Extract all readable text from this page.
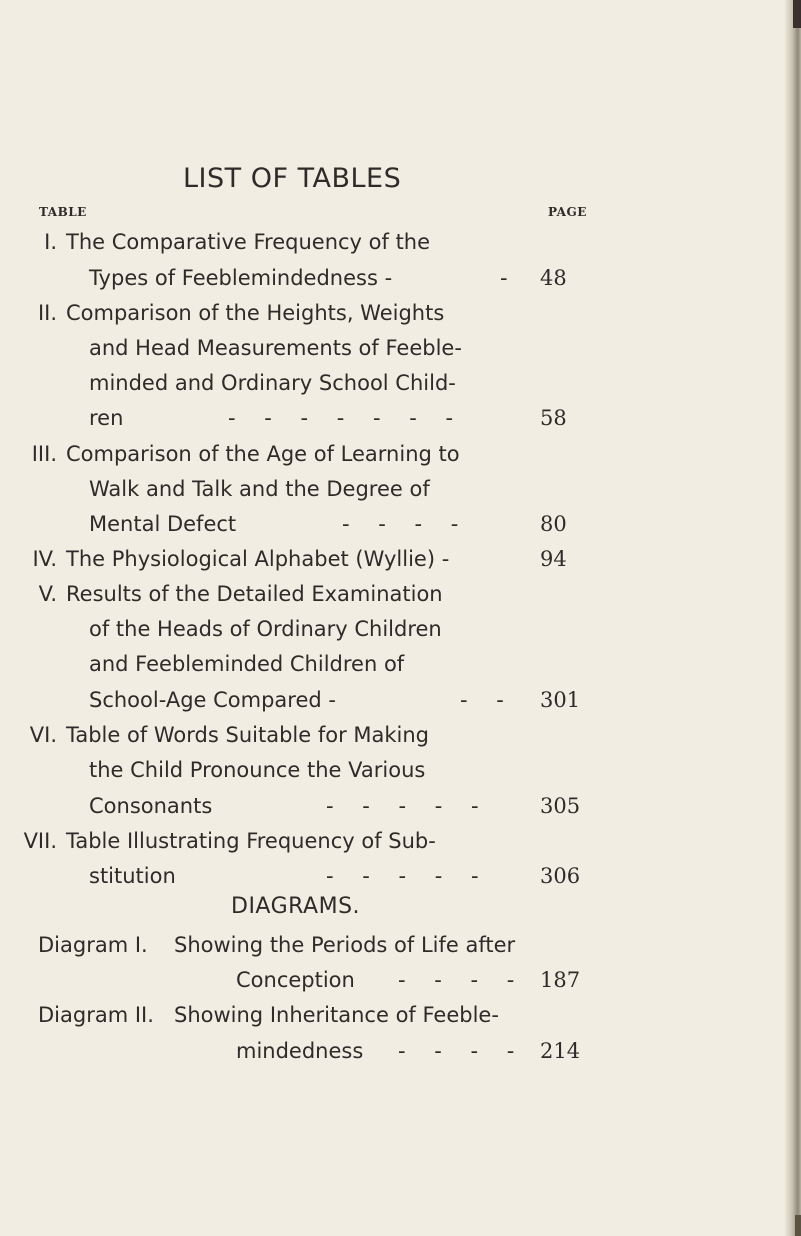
LIST OF TABLES
TABLE	PAGE
I. The Comparative Frequency of the
Types of Feeblemindedness -	- 48
II. Comparison of the Heights, Weights
and Head Measurements of Feeble-
minded and Ordinary School Child-
ren	- - - - - - -	58
III. Comparison of the Age of Learning to
Walk and Talk and the Degree of
Mental Defect	- - - -	80
IV. The Physiological Alphabet (Wyllie) -	94
V. Results of the Detailed Examination
of the Heads of Ordinary Children
and Feebleminded Children of
School-Age Compared -	- - 301
VI. Table of Words Suitable for Making
the Child Pronounce the Various
Consonants	- - - - - 305
VII. Table Illustrating Frequency of Sub-
stitution	- - - - - 306
DIAGRAMS.
Diagram I. Showing the Periods of Life after
Conception - - - - 187
Diagram II. Showing Inheritance of Feeble-
mindedness - - - - 214
